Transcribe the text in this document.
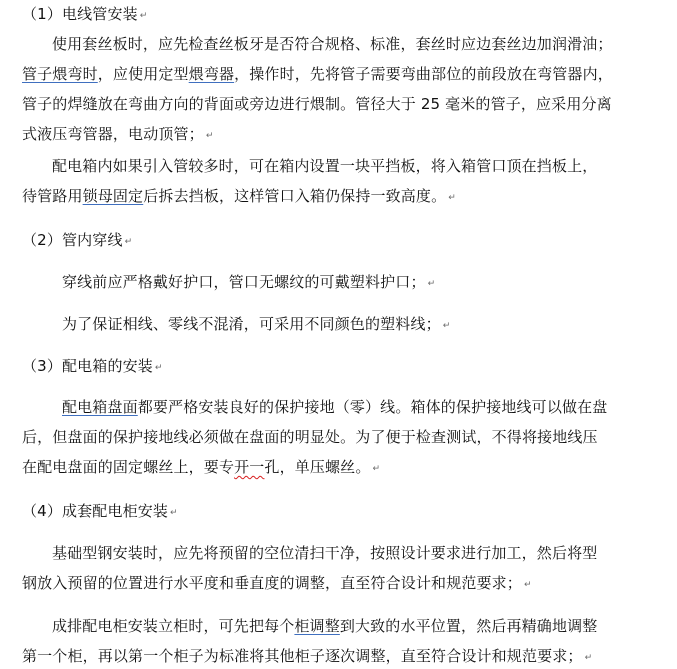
（1）电线管安装 ↵
使用套丝板时，应先检查丝板牙是否符合规格、标准，套丝时应边套丝边加润滑油；
管子煨弯时，应使用定型煨弯器，操作时，先将管子需要弯曲部位的前段放在弯管器内，
管子的焊缝放在弯曲方向的背面或旁边进行煨制。管径大于 25 毫米的管子，应采用分离
式液压弯管器，电动顶管； ↵
配电箱内如果引入管较多时，可在箱内设置一块平挡板，将入箱管口顶在挡板上，
待管路用锁母固定后拆去挡板，这样管口入箱仍保持一致高度。 ↵
（2）管内穿线 ↵
穿线前应严格戴好护口，管口无螺纹的可戴塑料护口； ↵
为了保证相线、零线不混淆，可采用不同颜色的塑料线； ↵
（3）配电箱的安装 ↵
配电箱盘面都要严格安装良好的保护接地（零）线。箱体的保护接地线可以做在盘
后，但盘面的保护接地线必须做在盘面的明显处。为了便于检查测试，不得将接地线压
在配电盘面的固定螺丝上，要专开一孔，单压螺丝。 ↵
（4）成套配电柜安装 ↵
基础型钢安装时，应先将预留的空位清扫干净，按照设计要求进行加工，然后将型
钢放入预留的位置进行水平度和垂直度的调整，直至符合设计和规范要求； ↵
成排配电柜安装立柜时，可先把每个柜调整到大致的水平位置，然后再精确地调整
第一个柜，再以第一个柜子为标准将其他柜子逐次调整，直至符合设计和规范要求； ↵
